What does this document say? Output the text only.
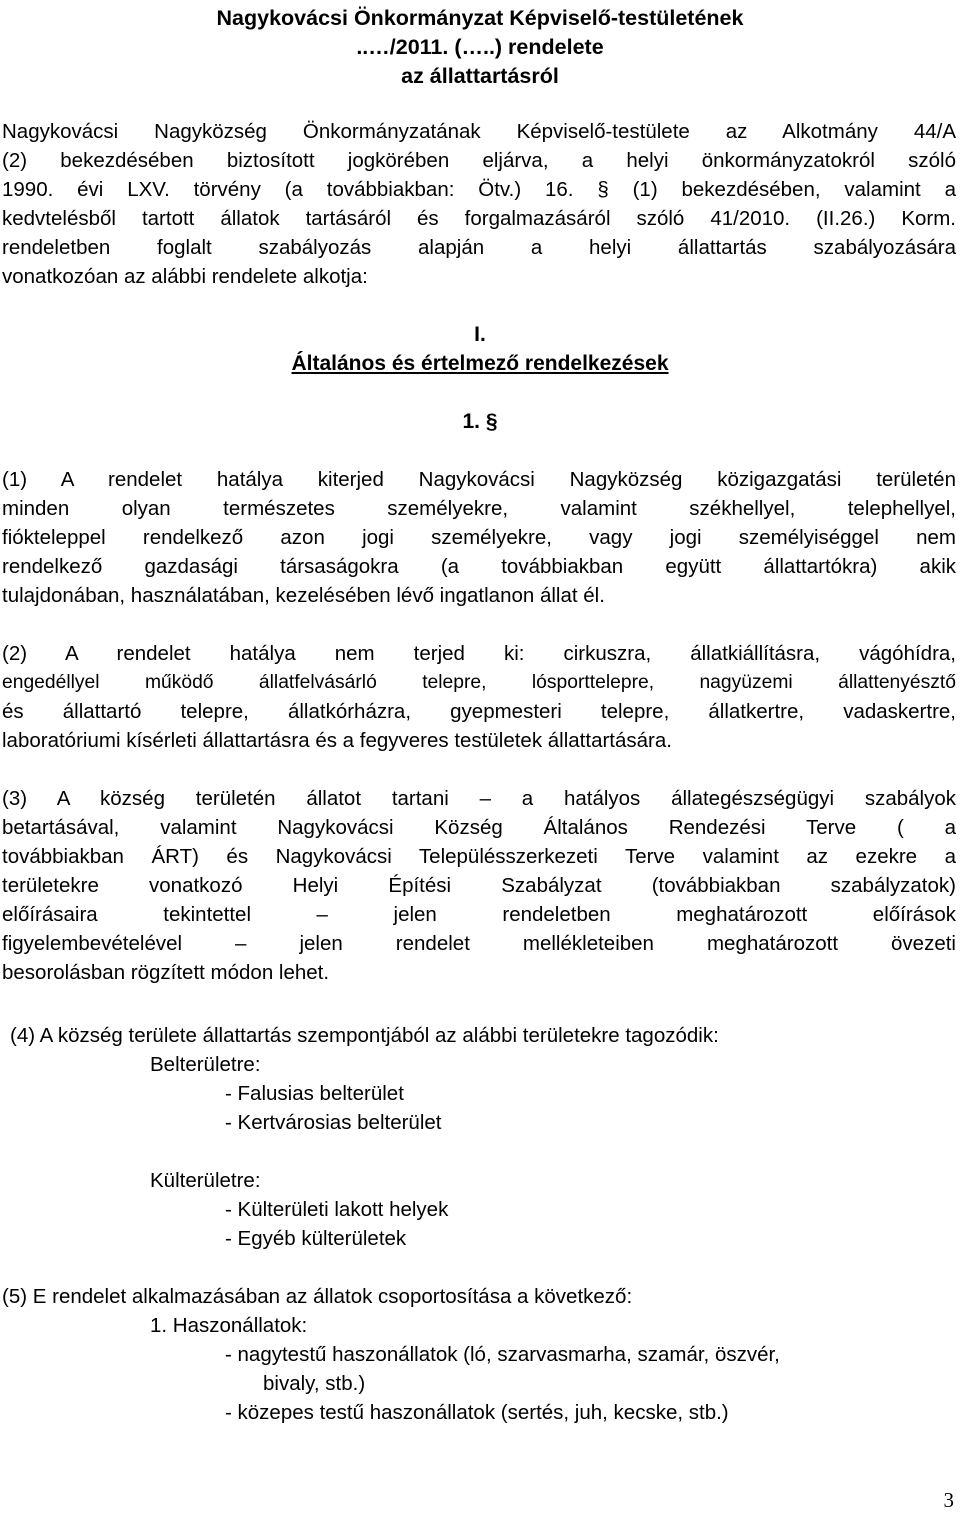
Nagykovácsi Önkormányzat Képviselő-testületének

..…/2011. (…..) rendelete

az állattartásról

Nagykovácsi Nagyközség Önkormányzatának Képviselő-testülete az Alkotmány 44/A

(2) bekezdésében biztosított jogkörében eljárva, a helyi önkormányzatokról szóló

1990. évi LXV. törvény (a továbbiakban: Ötv.) 16. § (1) bekezdésében, valamint a

kedvtelésből tartott állatok tartásáról és forgalmazásáról szóló 41/2010. (II.26.) Korm.

rendeletben foglalt szabályozás alapján a helyi állattartás szabályozására

vonatkozóan az alábbi rendelete alkotja:

I.

Általános és értelmező rendelkezések

1. §

(1) A rendelet hatálya kiterjed Nagykovácsi Nagyközség közigazgatási területén

minden olyan természetes személyekre, valamint székhellyel, telephellyel,

fiókteleppel rendelkező azon jogi személyekre, vagy jogi személyiséggel nem

rendelkező gazdasági társaságokra (a továbbiakban együtt állattartókra) akik

tulajdonában, használatában, kezelésében lévő ingatlanon állat él.

(2) A rendelet hatálya nem terjed ki: cirkuszra, állatkiállításra, vágóhídra,

engedéllyel működő állatfelvásárló telepre, lósporttelepre, nagyüzemi állattenyésztő

és állattartó telepre, állatkórházra, gyepmesteri telepre, állatkertre, vadaskertre,

laboratóriumi kísérleti állattartásra és a fegyveres testületek állattartására.

(3) A község területén állatot tartani – a hatályos állategészségügyi szabályok

betartásával, valamint Nagykovácsi Község Általános Rendezési Terve ( a

továbbiakban ÁRT) és Nagykovácsi Településszerkezeti Terve valamint az ezekre a

területekre vonatkozó Helyi Építési Szabályzat (továbbiakban szabályzatok)

előírásaira tekintettel – jelen rendeletben meghatározott előírások

figyelembevételével – jelen rendelet mellékleteiben meghatározott övezeti

besorolásban rögzített módon lehet.

(4) A község területe állattartás szempontjából az alábbi területekre tagozódik:

Belterületre:

- Falusias belterület

- Kertvárosias belterület

Külterületre:

- Külterületi lakott helyek

- Egyéb külterületek

(5) E rendelet alkalmazásában az állatok csoportosítása a következő:

1. Haszonállatok:

- nagytestű haszonállatok (ló, szarvasmarha, szamár, öszvér,

bivaly, stb.)

- közepes testű haszonállatok (sertés, juh, kecske, stb.)

3
